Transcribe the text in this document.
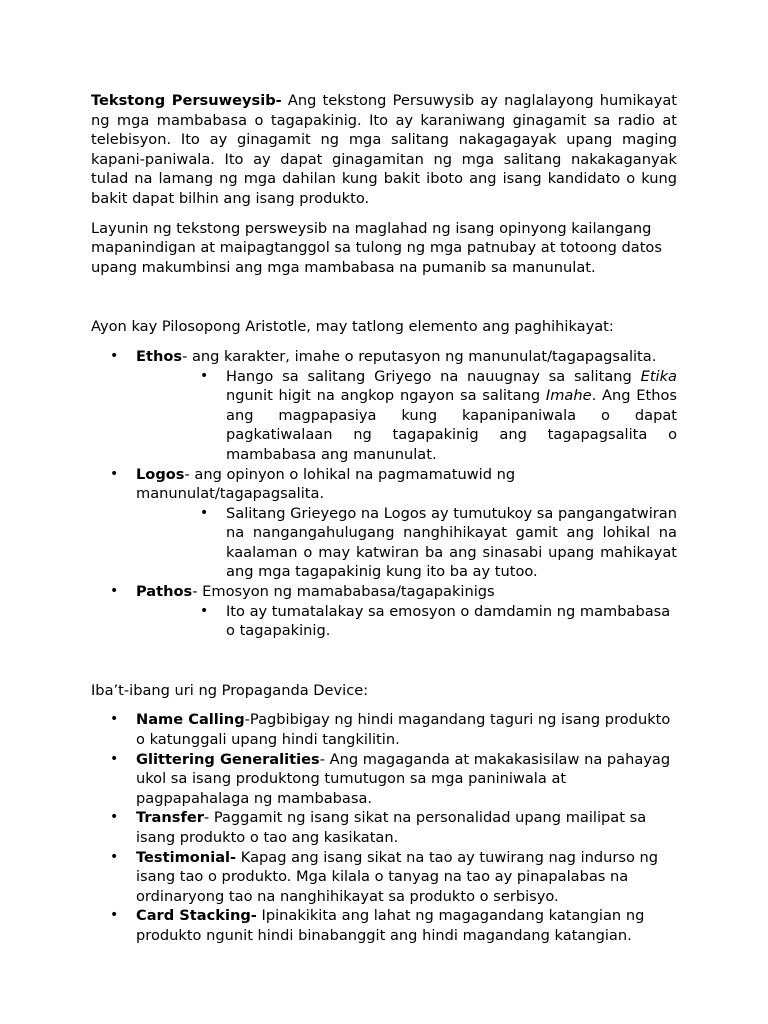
Tekstong Persuweysib- Ang tekstong Persuwysib ay naglalayong humikayat ng mga mambabasa o tagapakinig. Ito ay karaniwang ginagamit sa radio at telebisyon. Ito ay ginagamit ng mga salitang nakagagayak upang maging kapani-paniwala. Ito ay dapat ginagamitan ng mga salitang nakakaganyak tulad na lamang ng mga dahilan kung bakit iboto ang isang kandidato o kung bakit dapat bilhin ang isang produkto.

Layunin ng tekstong persweysib na maglahad ng isang opinyong kailangang mapanindigan at maipagtanggol sa tulong ng mga patnubay at totoong datos upang makumbinsi ang mga mambabasa na pumanib sa manunulat.

Ayon kay Pilosopong Aristotle, may tatlong elemento ang paghihikayat:

• Ethos- ang karakter, imahe o reputasyon ng manunulat/tagapagsalita.
• Hango sa salitang Griyego na nauugnay sa salitang Etika ngunit higit na angkop ngayon sa salitang Imahe. Ang Ethos ang magpapasiya kung kapanipaniwala o dapat pagkatiwalaan ng tagapakinig ang tagapagsalita o mambabasa ang manunulat.
• Logos- ang opinyon o lohikal na pagmamatuwid ng manunulat/tagapagsalita.
• Salitang Grieyego na Logos ay tumutukoy sa pangangatwiran na nangangahulugang nanghihikayat gamit ang lohikal na kaalaman o may katwiran ba ang sinasabi upang mahikayat ang mga tagapakinig kung ito ba ay tutoo.
• Pathos- Emosyon ng mamababasa/tagapakinigs
• Ito ay tumatalakay sa emosyon o damdamin ng mambabasa o tagapakinig.

Iba’t-ibang uri ng Propaganda Device:

• Name Calling-Pagbibigay ng hindi magandang taguri ng isang produkto o katunggali upang hindi tangkilitin.
• Glittering Generalities- Ang magaganda at makakasisilaw na pahayag ukol sa isang produktong tumutugon sa mga paniniwala at pagpapahalaga ng mambabasa.
• Transfer- Paggamit ng isang sikat na personalidad upang mailipat sa isang produkto o tao ang kasikatan.
• Testimonial- Kapag ang isang sikat na tao ay tuwirang nag indurso ng isang tao o produkto. Mga kilala o tanyag na tao ay pinapalabas na ordinaryong tao na nanghihikayat sa produkto o serbisyo.
• Card Stacking- Ipinakikita ang lahat ng magagandang katangian ng produkto ngunit hindi binabanggit ang hindi magandang katangian.
